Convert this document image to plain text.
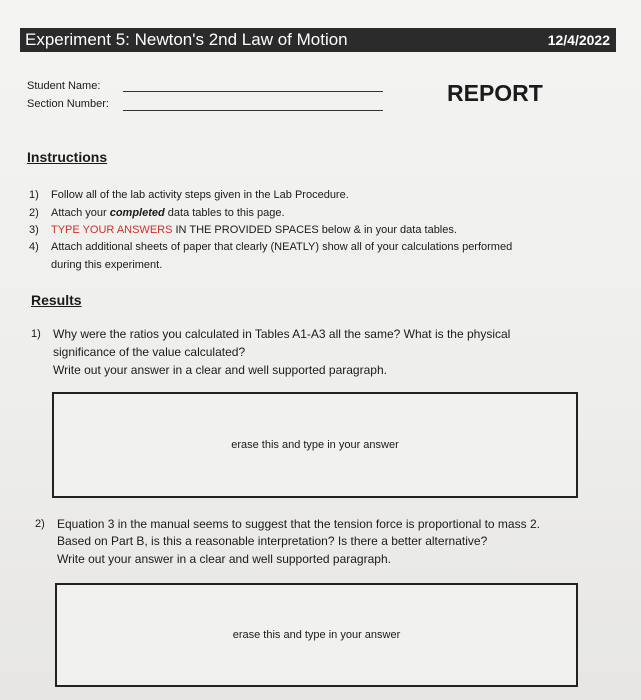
Experiment 5: Newton's 2nd Law of Motion	12/4/2022
Student Name:
Section Number:	REPORT
Instructions
1) Follow all of the lab activity steps given in the Lab Procedure.
2) Attach your completed data tables to this page.
3) TYPE YOUR ANSWERS IN THE PROVIDED SPACES below & in your data tables.
4) Attach additional sheets of paper that clearly (NEATLY) show all of your calculations performed
during this experiment.
Results
1) Why were the ratios you calculated in Tables A1-A3 all the same? What is the physical
significance of the value calculated?
Write out your answer in a clear and well supported paragraph.
erase this and type in your answer
2) Equation 3 in the manual seems to suggest that the tension force is proportional to mass 2.
Based on Part B, is this a reasonable interpretation? Is there a better alternative?
Write out your answer in a clear and well supported paragraph.
erase this and type in your answer
